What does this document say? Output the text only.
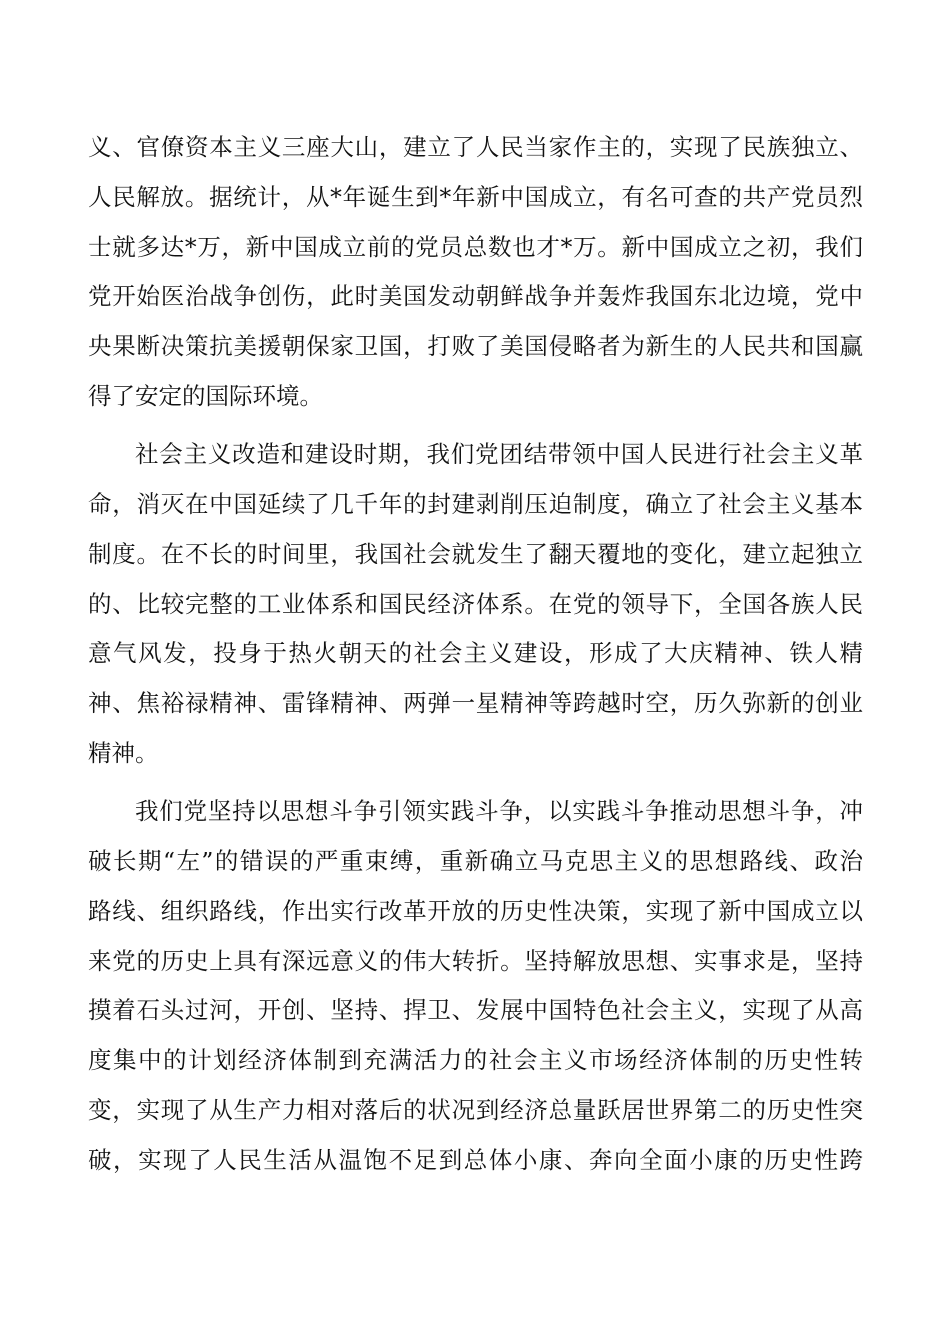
义、官僚资本主义三座大山，建立了人民当家作主的，实现了民族独立、
人民解放。据统计，从*年诞生到*年新中国成立，有名可查的共产党员烈
士就多达*万，新中国成立前的党员总数也才*万。新中国成立之初，我们
党开始医治战争创伤，此时美国发动朝鲜战争并轰炸我国东北边境，党中
央果断决策抗美援朝保家卫国，打败了美国侵略者为新生的人民共和国赢
得了安定的国际环境。
社会主义改造和建设时期，我们党团结带领中国人民进行社会主义革
命，消灭在中国延续了几千年的封建剥削压迫制度，确立了社会主义基本
制度。在不长的时间里，我国社会就发生了翻天覆地的变化，建立起独立
的、比较完整的工业体系和国民经济体系。在党的领导下，全国各族人民
意气风发，投身于热火朝天的社会主义建设，形成了大庆精神、铁人精
神、焦裕禄精神、雷锋精神、两弹一星精神等跨越时空，历久弥新的创业
精神。
我们党坚持以思想斗争引领实践斗争，以实践斗争推动思想斗争，冲
破长期“左”的错误的严重束缚，重新确立马克思主义的思想路线、政治
路线、组织路线，作出实行改革开放的历史性决策，实现了新中国成立以
来党的历史上具有深远意义的伟大转折。坚持解放思想、实事求是，坚持
摸着石头过河，开创、坚持、捍卫、发展中国特色社会主义，实现了从高
度集中的计划经济体制到充满活力的社会主义市场经济体制的历史性转
变，实现了从生产力相对落后的状况到经济总量跃居世界第二的历史性突
破，实现了人民生活从温饱不足到总体小康、奔向全面小康的历史性跨
